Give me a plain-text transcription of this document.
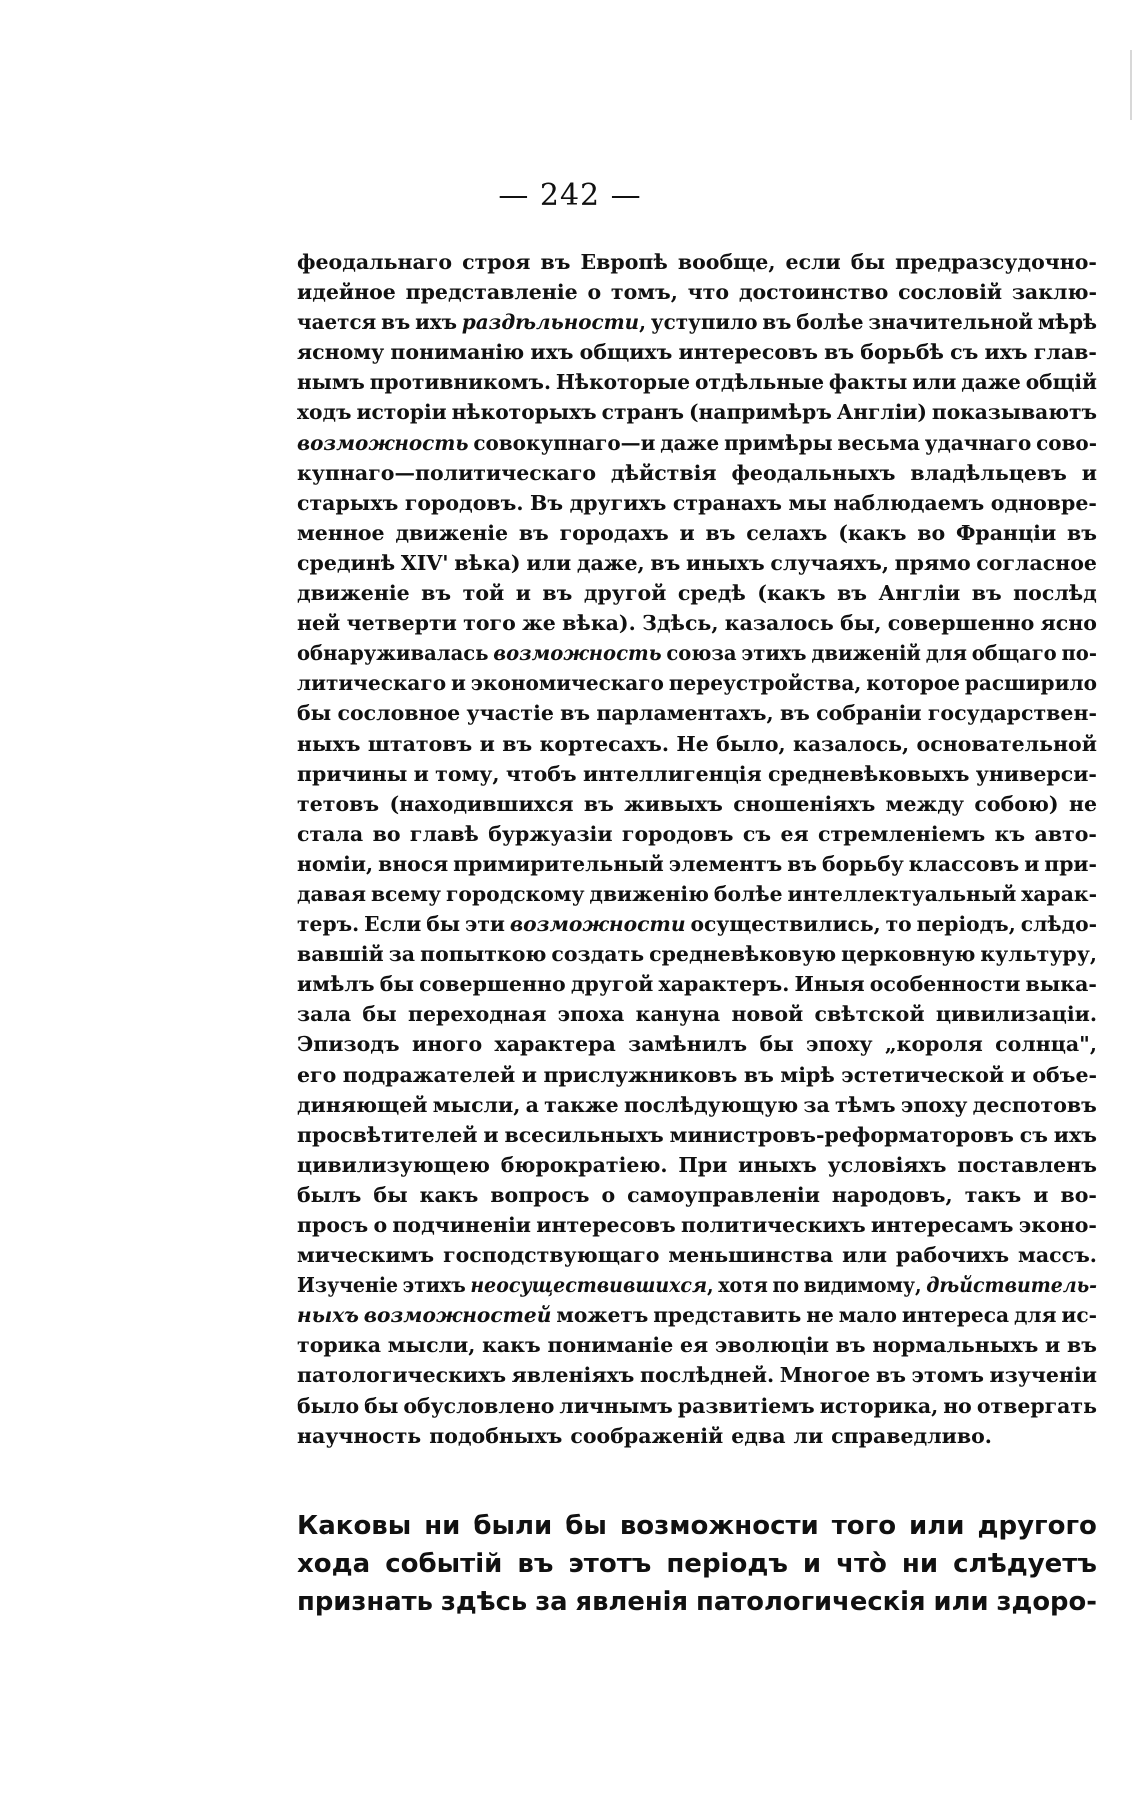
— 242 —
феодальнаго строя въ Европѣ вообще, если бы предразсудочно-
идейное представленіе о томъ, что достоинство сословій заклю-
чается въ ихъ раздѣльности, уступило въ болѣе значительной мѣрѣ
ясному пониманію ихъ общихъ интересовъ въ борьбѣ съ ихъ глав-
нымъ противникомъ. Нѣкоторые отдѣльные факты или даже общій
ходъ исторіи нѣкоторыхъ странъ (напримѣръ Англіи) показываютъ
возможность совокупнаго—и даже примѣры весьма удачнаго сово-
купнаго—политическаго дѣйствія феодальныхъ владѣльцевъ и
старыхъ городовъ. Въ другихъ странахъ мы наблюдаемъ одновре-
менное движеніе въ городахъ и въ селахъ (какъ во Франціи въ
срединѣ XIV' вѣка) или даже, въ иныхъ случаяхъ, прямо согласное
движеніе въ той и въ другой средѣ (какъ въ Англіи въ послѣд
ней четверти того же вѣка). Здѣсь, казалось бы, совершенно ясно
обнаруживалась возможность союза этихъ движеній для общаго по-
литическаго и экономическаго переустройства, которое расширило
бы сословное участіе въ парламентахъ, въ собраніи государствен-
ныхъ штатовъ и въ кортесахъ. Не было, казалось, основательной
причины и тому, чтобъ интеллигенція средневѣковыхъ универси-
тетовъ (находившихся въ живыхъ сношеніяхъ между собою) не
стала во главѣ буржуазіи городовъ съ ея стремленіемъ къ авто-
номіи, внося примирительный элементъ въ борьбу классовъ и при-
давая всему городскому движенію болѣе интеллектуальный харак-
теръ. Если бы эти возможности осуществились, то періодъ, слѣдо-
вавшій за попыткою создать средневѣковую церковную культуру,
имѣлъ бы совершенно другой характеръ. Иныя особенности выка-
зала бы переходная эпоха кануна новой свѣтской цивилизаціи.
Эпизодъ иного характера замѣнилъ бы эпоху „короля солнца",
его подражателей и прислужниковъ въ мірѣ эстетической и объе-
диняющей мысли, а также послѣдующую за тѣмъ эпоху деспотовъ
просвѣтителей и всесильныхъ министровъ-реформаторовъ съ ихъ
цивилизующею бюрократіею. При иныхъ условіяхъ поставленъ
былъ бы какъ вопросъ о самоуправленіи народовъ, такъ и во-
просъ о подчиненіи интересовъ политическихъ интересамъ эконо-
мическимъ господствующаго меньшинства или рабочихъ массъ.
Изученіе этихъ неосуществившихся, хотя по видимому, дѣйствитель-
ныхъ возможностей можетъ представить не мало интереса для ис-
торика мысли, какъ пониманіе ея эволюціи въ нормальныхъ и въ
патологическихъ явленіяхъ послѣдней. Многое въ этомъ изученіи
было бы обусловлено личнымъ развитіемъ историка, но отвергать
научность подобныхъ соображеній едва ли справедливо.
Каковы ни были бы возможности того или другого
хода событій въ этотъ періодъ и чтò ни слѣдуетъ
признать здѣсь за явленія патологическія или здоро-
